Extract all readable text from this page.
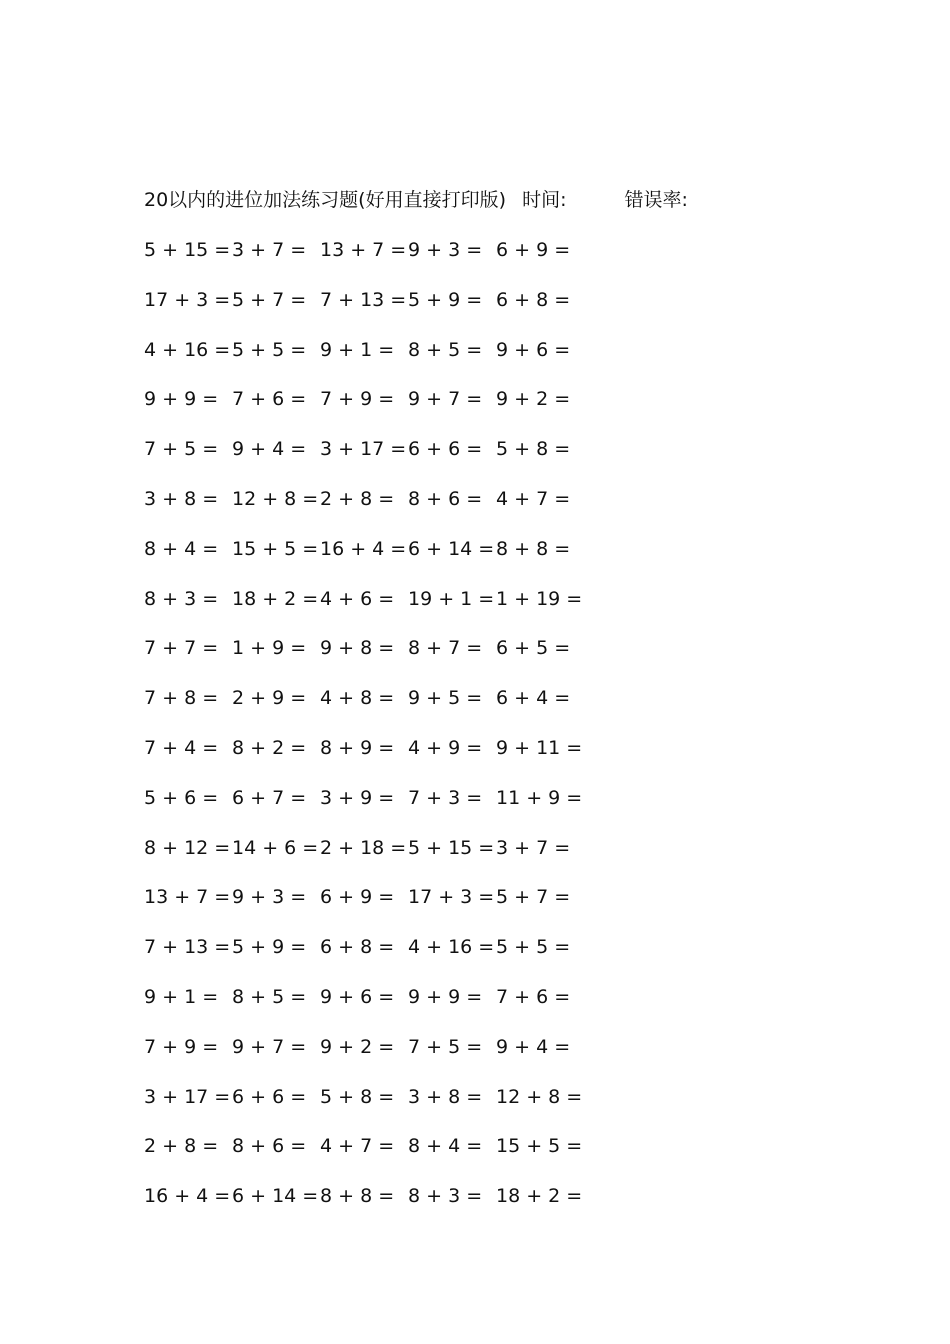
20以内的进位加法练习题(好用直接打印版) 时间:	错误率:
5 + 15 = 3 + 7 = 13 + 7 = 9 + 3 = 6 + 9 =
17 + 3 = 5 + 7 = 7 + 13 = 5 + 9 = 6 + 8 =
4 + 16 = 5 + 5 = 9 + 1 = 8 + 5 = 9 + 6 =
9 + 9 = 7 + 6 = 7 + 9 = 9 + 7 = 9 + 2 =
7 + 5 = 9 + 4 = 3 + 17 = 6 + 6 = 5 + 8 =
3 + 8 = 12 + 8 = 2 + 8 = 8 + 6 = 4 + 7 =
8 + 4 = 15 + 5 = 16 + 4 = 6 + 14 = 8 + 8 =
8 + 3 = 18 + 2 = 4 + 6 = 19 + 1 = 1 + 19 =
7 + 7 = 1 + 9 = 9 + 8 = 8 + 7 = 6 + 5 =
7 + 8 = 2 + 9 = 4 + 8 = 9 + 5 = 6 + 4 =
7 + 4 = 8 + 2 = 8 + 9 = 4 + 9 = 9 + 11 =
5 + 6 = 6 + 7 = 3 + 9 = 7 + 3 = 11 + 9 =
8 + 12 = 14 + 6 = 2 + 18 = 5 + 15 = 3 + 7 =
13 + 7 = 9 + 3 = 6 + 9 = 17 + 3 = 5 + 7 =
7 + 13 = 5 + 9 = 6 + 8 = 4 + 16 = 5 + 5 =
9 + 1 = 8 + 5 = 9 + 6 = 9 + 9 = 7 + 6 =
7 + 9 = 9 + 7 = 9 + 2 = 7 + 5 = 9 + 4 =
3 + 17 = 6 + 6 = 5 + 8 = 3 + 8 = 12 + 8 =
2 + 8 = 8 + 6 = 4 + 7 = 8 + 4 = 15 + 5 =
16 + 4 = 6 + 14 = 8 + 8 = 8 + 3 = 18 + 2 =
